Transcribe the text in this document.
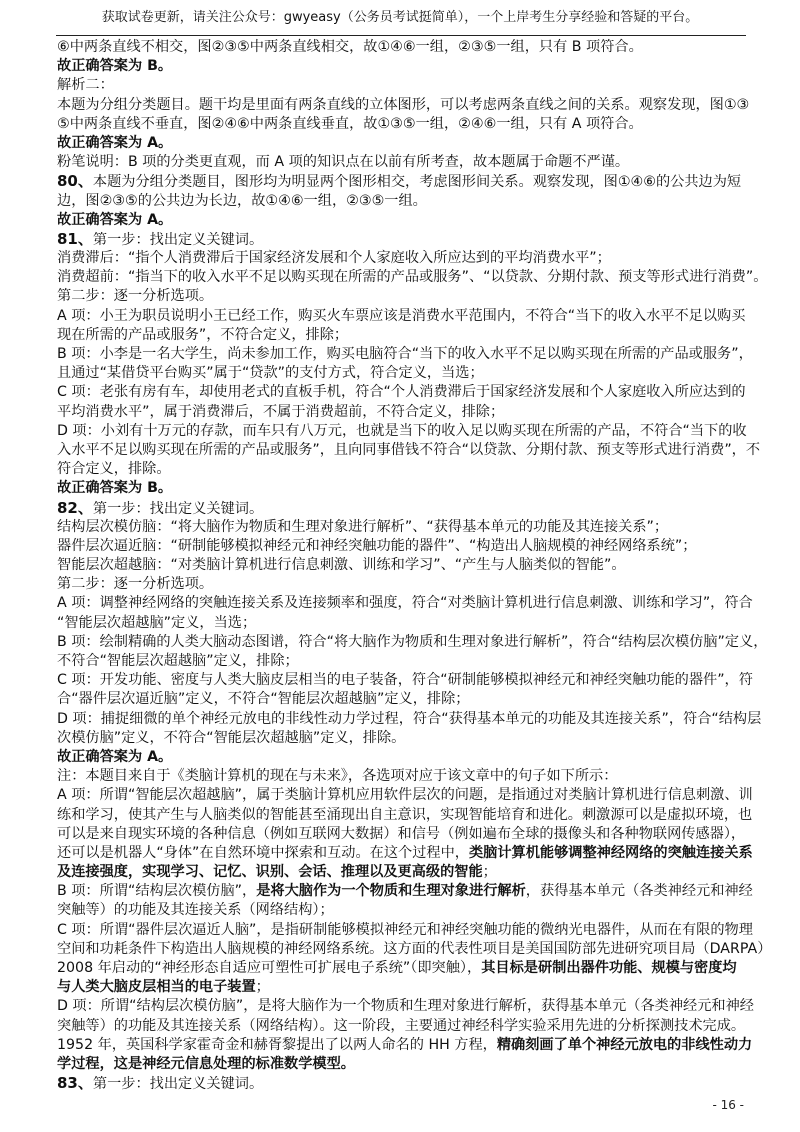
获取试卷更新，请关注公众号：gwyeasy（公务员考试挺简单），一个上岸考生分享经验和答疑的平台。
⑥中两条直线不相交，图②③⑤中两条直线相交，故①④⑥一组，②③⑤一组，只有 B 项符合。
故正确答案为 B。
解析二：
本题为分组分类题目。题干均是里面有两条直线的立体图形，可以考虑两条直线之间的关系。观察发现，图①③
⑤中两条直线不垂直，图②④⑥中两条直线垂直，故①③⑤一组，②④⑥一组，只有 A 项符合。
故正确答案为 A。
粉笔说明：B 项的分类更直观，而 A 项的知识点在以前有所考查，故本题属于命题不严谨。
80、本题为分组分类题目，图形均为明显两个图形相交，考虑图形间关系。观察发现，图①④⑥的公共边为短
边，图②③⑤的公共边为长边，故①④⑥一组，②③⑤一组。
故正确答案为 A。
81、第一步：找出定义关键词。
消费滞后：“指个人消费滞后于国家经济发展和个人家庭收入所应达到的平均消费水平”；
消费超前：“指当下的收入水平不足以购买现在所需的产品或服务”、“以贷款、分期付款、预支等形式进行消费”。
第二步：逐一分析选项。
A 项：小王为职员说明小王已经工作，购买火车票应该是消费水平范围内，不符合“当下的收入水平不足以购买
现在所需的产品或服务”，不符合定义，排除；
B 项：小李是一名大学生，尚未参加工作，购买电脑符合“当下的收入水平不足以购买现在所需的产品或服务”，
且通过“某借贷平台购买”属于“贷款”的支付方式，符合定义，当选；
C 项：老张有房有车，却使用老式的直板手机，符合“个人消费滞后于国家经济发展和个人家庭收入所应达到的
平均消费水平”，属于消费滞后，不属于消费超前，不符合定义，排除；
D 项：小刘有十万元的存款，而车只有八万元，也就是当下的收入足以购买现在所需的产品，不符合“当下的收
入水平不足以购买现在所需的产品或服务”，且向同事借钱不符合“以贷款、分期付款、预支等形式进行消费”，不
符合定义，排除。
故正确答案为 B。
82、第一步：找出定义关键词。
结构层次模仿脑：“将大脑作为物质和生理对象进行解析”、“获得基本单元的功能及其连接关系”；
器件层次逼近脑：“研制能够模拟神经元和神经突触功能的器件”、“构造出人脑规模的神经网络系统”；
智能层次超越脑：“对类脑计算机进行信息刺激、训练和学习”、“产生与人脑类似的智能”。
第二步：逐一分析选项。
A 项：调整神经网络的突触连接关系及连接频率和强度，符合“对类脑计算机进行信息刺激、训练和学习”，符合
“智能层次超越脑”定义，当选；
B 项：绘制精确的人类大脑动态图谱，符合“将大脑作为物质和生理对象进行解析”，符合“结构层次模仿脑”定义，
不符合“智能层次超越脑”定义，排除；
C 项：开发功能、密度与人类大脑皮层相当的电子装备，符合“研制能够模拟神经元和神经突触功能的器件”，符
合“器件层次逼近脑”定义，不符合“智能层次超越脑”定义，排除；
D 项：捕捉细微的单个神经元放电的非线性动力学过程，符合“获得基本单元的功能及其连接关系”，符合“结构层
次模仿脑”定义，不符合“智能层次超越脑”定义，排除。
故正确答案为 A。
注：本题目来自于《类脑计算机的现在与未来》，各选项对应于该文章中的句子如下所示：
A 项：所谓“智能层次超越脑”，属于类脑计算机应用软件层次的问题，是指通过对类脑计算机进行信息刺激、训
练和学习，使其产生与人脑类似的智能甚至涌现出自主意识，实现智能培育和进化。刺激源可以是虚拟环境，也
可以是来自现实环境的各种信息（例如互联网大数据）和信号（例如遍布全球的摄像头和各种物联网传感器），
还可以是机器人“身体”在自然环境中探索和互动。在这个过程中，类脑计算机能够调整神经网络的突触连接关系
及连接强度，实现学习、记忆、识别、会话、推理以及更高级的智能；
B 项：所谓“结构层次模仿脑”，是将大脑作为一个物质和生理对象进行解析，获得基本单元（各类神经元和神经
突触等）的功能及其连接关系（网络结构）；
C 项：所谓“器件层次逼近人脑”，是指研制能够模拟神经元和神经突触功能的微纳光电器件，从而在有限的物理
空间和功耗条件下构造出人脑规模的神经网络系统。这方面的代表性项目是美国国防部先进研究项目局（DARPA）
2008 年启动的“神经形态自适应可塑性可扩展电子系统”（即突触），其目标是研制出器件功能、规模与密度均
与人类大脑皮层相当的电子装置；
D 项：所谓“结构层次模仿脑”，是将大脑作为一个物质和生理对象进行解析，获得基本单元（各类神经元和神经
突触等）的功能及其连接关系（网络结构）。这一阶段，主要通过神经科学实验采用先进的分析探测技术完成。
1952 年，英国科学家霍奇金和赫胥黎提出了以两人命名的 HH 方程，精确刻画了单个神经元放电的非线性动力
学过程，这是神经元信息处理的标准数学模型。
83、第一步：找出定义关键词。
- 16 -
